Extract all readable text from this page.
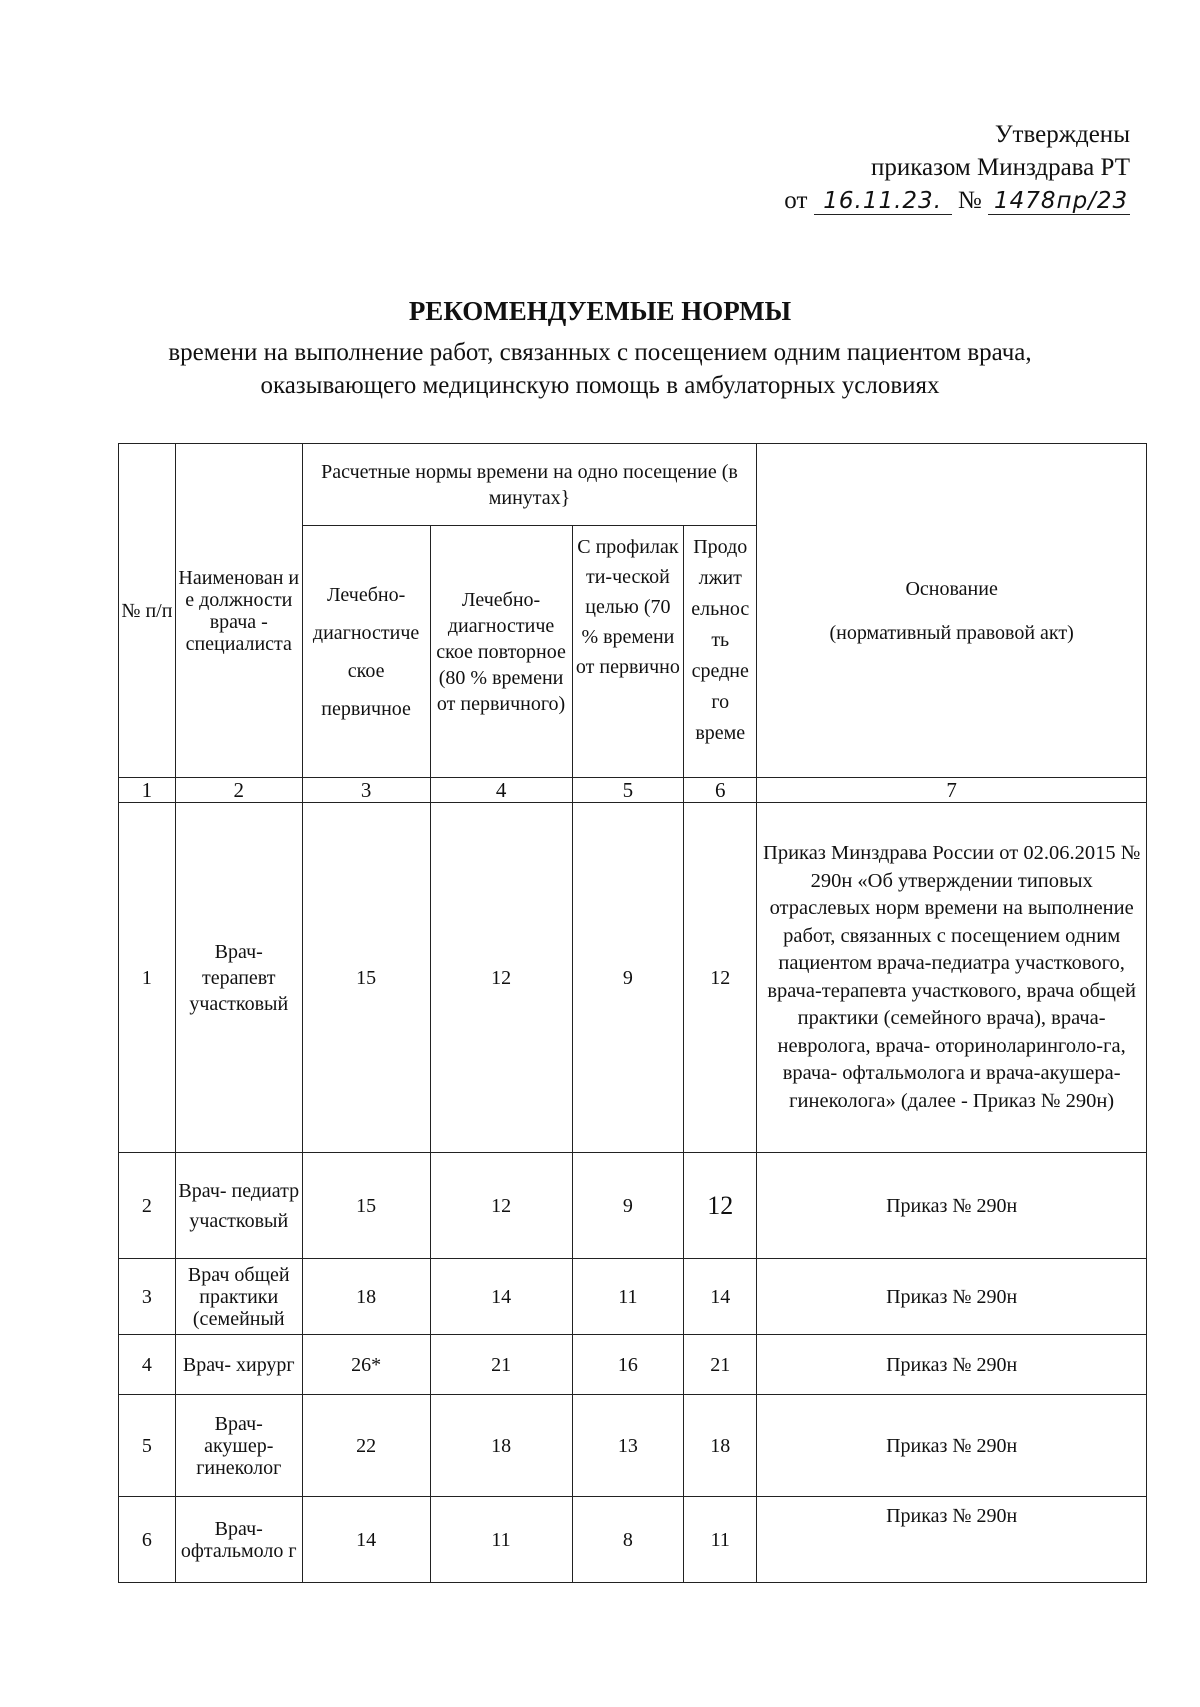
Утверждены
приказом Минздрава РТ
от 16.11.23. № 1478пр/23
РЕКОМЕНДУЕМЫЕ НОРМЫ
времени на выполнение работ, связанных с посещением одним пациентом врача,
оказывающего медицинскую помощь в амбулаторных условиях
№ п/п	Наименован и е должности врача - специалиста	Расчетные нормы времени на одно посещение (в минутах}				Основание
(нормативный правовой акт)

		Лечебно- диагностиче ское первичное	Лечебно- диагностиче ское повторное (80 % времени от первичного)	С профилак ти-ческой целью (70 % времени от первично	Продо лжит ельнос ть средне го време	
1	2	3	4	5	6	7
1	Врач- терапевт участковый	15	12	9	12	Приказ Минздрава России от 02.06.2015 № 290н «Об утверждении типовых отраслевых норм времени на выполнение работ, связанных с посещением одним пациентом врача-педиатра участкового, врача-терапевта участкового, врача общей практики (семейного врача), врача-невролога, врача- оториноларинголо-га, врача- офтальмолога и врача-акушера- гинеколога» (далее - Приказ № 290н)
2	Врач- педиатр участковый	15	12	9	12	Приказ № 290н
3	Врач общей практики (семейный	18	14	11	14	Приказ № 290н
4	Врач- хирург	26*	21	16	21	Приказ № 290н
5	Врач- акушер- гинеколог	22	18	13	18	Приказ № 290н
6	Врач- офтальмоло г	14	11	8	11	Приказ № 290н
